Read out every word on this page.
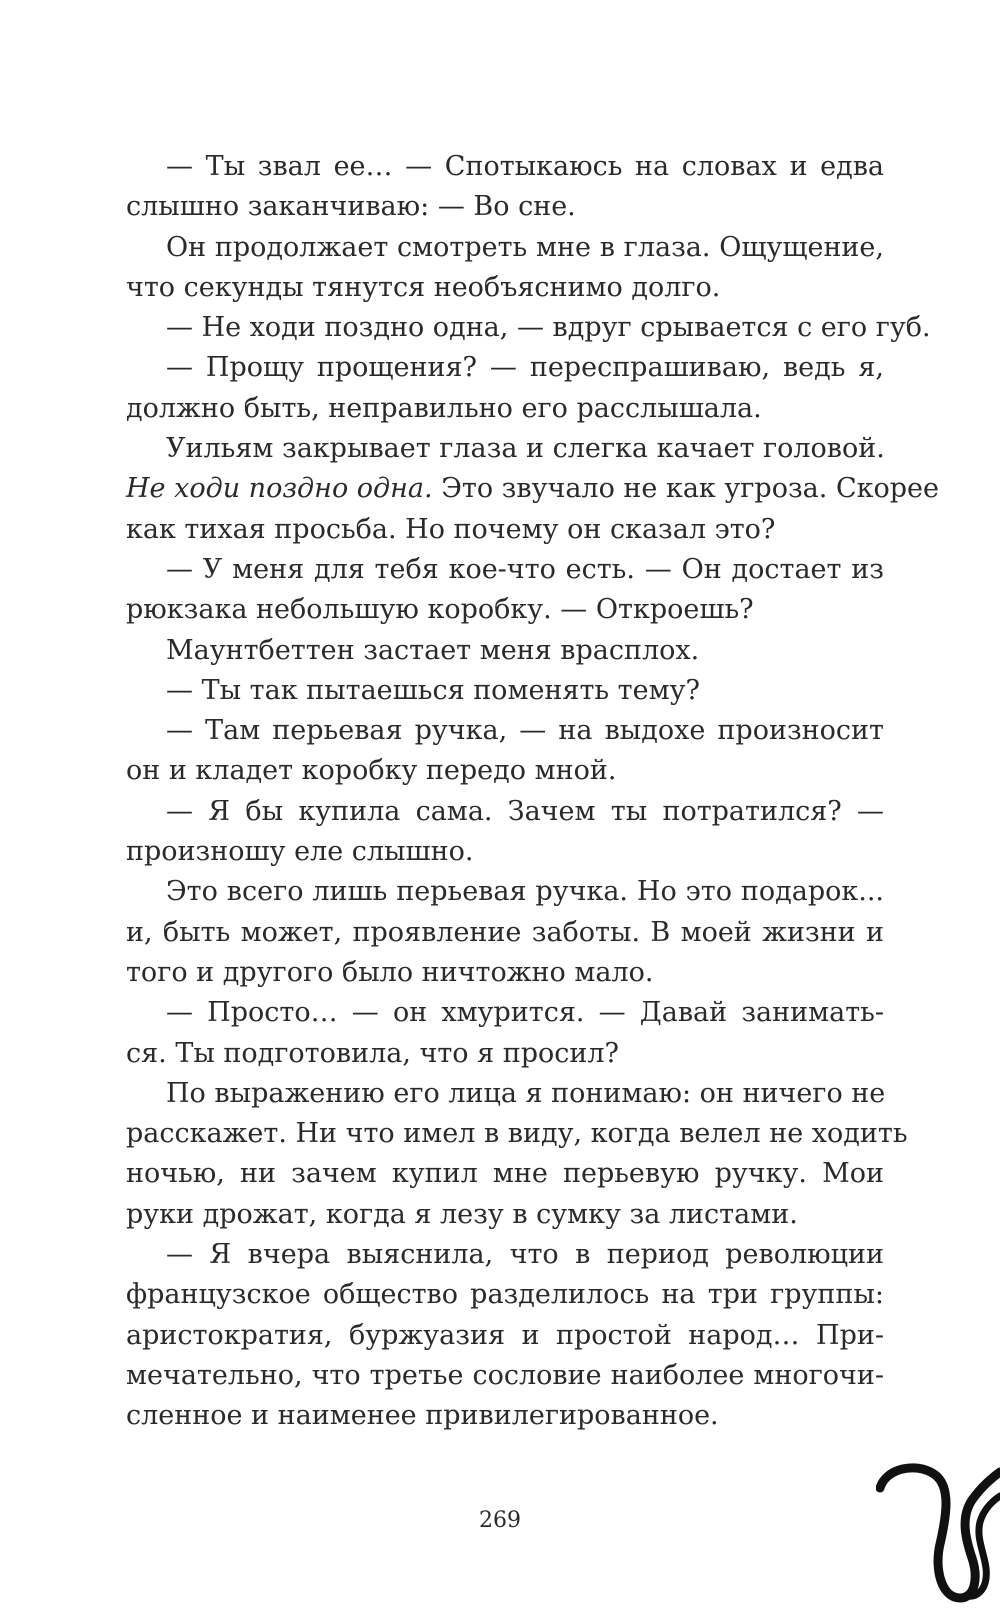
— Ты звал ее… — Спотыкаюсь на словах и едва
слышно заканчиваю: — Во сне.
Он продолжает смотреть мне в глаза. Ощущение,
что секунды тянутся необъяснимо долго.
— Не ходи поздно одна, — вдруг срывается с его губ.
— Прощу прощения? — переспрашиваю, ведь я,
должно быть, неправильно его расслышала.
Уильям закрывает глаза и слегка качает головой.
Не ходи поздно одна. Это звучало не как угроза. Скорее
как тихая просьба. Но почему он сказал это?
— У меня для тебя кое-что есть. — Он достает из
рюкзака небольшую коробку. — Откроешь?
Маунтбеттен застает меня врасплох.
— Ты так пытаешься поменять тему?
— Там перьевая ручка, — на выдохе произносит
он и кладет коробку передо мной.
— Я бы купила сама. Зачем ты потратился? —
произношу еле слышно.
Это всего лишь перьевая ручка. Но это подарок...
и, быть может, проявление заботы. В моей жизни и
того и другого было ничтожно мало.
— Просто… — он хмурится. — Давай занимать-
ся. Ты подготовила, что я просил?
По выражению его лица я понимаю: он ничего не
расскажет. Ни что имел в виду, когда велел не ходить
ночью, ни зачем купил мне перьевую ручку. Мои
руки дрожат, когда я лезу в сумку за листами.
— Я вчера выяснила, что в период революции
французское общество разделилось на три группы:
аристократия, буржуазия и простой народ… При-
мечательно, что третье сословие наиболее многочи-
сленное и наименее привилегированное.
269
